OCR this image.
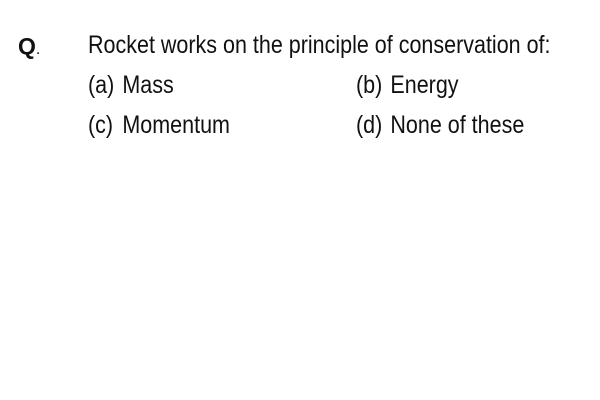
Q. Rocket works on the principle of conservation of:
(a) Mass	(b) Energy
(c) Momentum	(d) None of these
